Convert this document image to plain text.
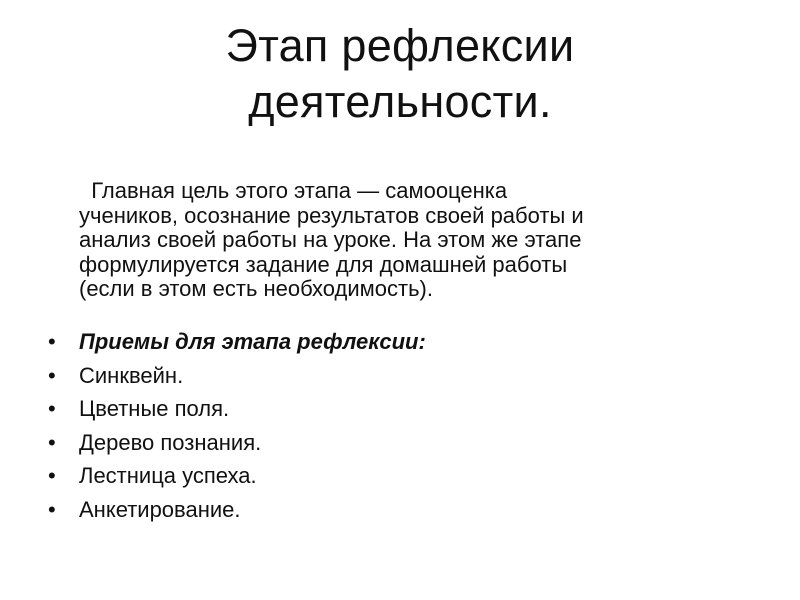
Этап рефлексии
деятельности.

Главная цель этого этапа — самооценка
учеников, осознание результатов своей работы и
анализ своей работы на уроке. На этом же этапе
формулируется задание для домашней работы
(если в этом есть необходимость).

•	Приемы для этапа рефлексии:
•	Синквейн.
•	Цветные поля.
•	Дерево познания.
•	Лестница успеха.
•	Анкетирование.
